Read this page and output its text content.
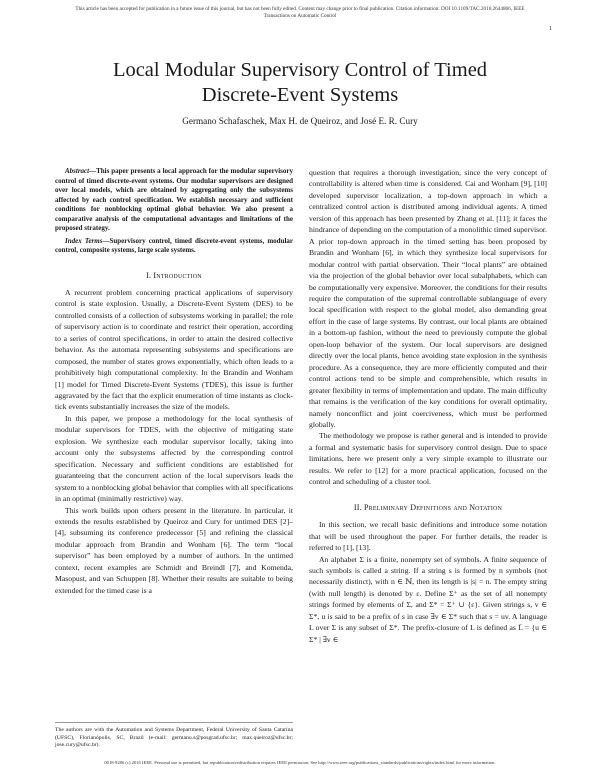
This article has been accepted for publication in a future issue of this journal, but has not been fully edited. Content may change prior to final publication. Citation information: DOI 10.1109/TAC.2016.2644866, IEEE
Transactions on Automatic Control
1
Local Modular Supervisory Control of Timed
Discrete-Event Systems
Germano Schafaschek, Max H. de Queiroz, and José E. R. Cury

Abstract—This paper presents a local approach for the modular supervisory control of timed discrete-event systems. Our modular supervisors are designed over local models, which are obtained by aggregating only the subsystems affected by each control specification. We establish necessary and sufficient conditions for nonblocking optimal global behavior. We also present a comparative analysis of the computational advantages and limitations of the proposed strategy.

Index Terms—Supervisory control, timed discrete-event systems, modular control, composite systems, large scale systems.

I. Introduction

A recurrent problem concerning practical applications of supervisory control is state explosion. Usually, a Discrete-Event System (DES) to be controlled consists of a collection of subsystems working in parallel; the role of supervisory action is to coordinate and restrict their operation, according to a series of control specifications, in order to attain the desired collective behavior. As the automata representing subsystems and specifications are composed, the number of states grows exponentially, which often leads to a prohibitively high computational complexity. In the Brandin and Wonham [1] model for Timed Discrete-Event Systems (TDES), this issue is further aggravated by the fact that the explicit enumeration of time instants as clock-tick events substantially increases the size of the models.

In this paper, we propose a methodology for the local synthesis of modular supervisors for TDES, with the objective of mitigating state explosion. We synthesize each modular supervisor locally, taking into account only the subsystems affected by the corresponding control specification. Necessary and sufficient conditions are established for guaranteeing that the concurrent action of the local supervisors leads the system to a nonblocking global behavior that complies with all specifications in an optimal (minimally restrictive) way.

This work builds upon others present in the literature. In particular, it extends the results established by Queiroz and Cury for untimed DES [2]–[4], subsuming its conference predecessor [5] and refining the classical modular approach from Brandin and Wonham [6]. The term “local supervisor” has been employed by a number of authors. In the untimed context, recent examples are Schmidt and Breindl [7], and Komenda, Masopust, and van Schuppen [8]. Whether their results are suitable to being extended for the timed case is a

The authors are with the Automation and Systems Department, Federal University of Santa Catarina (UFSC), Florianópolis, SC, Brazil (e-mail: germano.s@posgrad.ufsc.br; max.queiroz@ufsc.br; jose.cury@ufsc.br).

question that requires a thorough investigation, since the very concept of controllability is altered when time is considered. Cai and Wonham [9], [10] developed supervisor localization, a top-down approach in which a centralized control action is distributed among individual agents. A timed version of this approach has been presented by Zhang et al. [11]; it faces the hindrance of depending on the computation of a monolithic timed supervisor. A prior top-down approach in the timed setting has been proposed by Brandin and Wonham [6], in which they synthesize local supervisors for modular control with partial observation. Their “local plants” are obtained via the projection of the global behavior over local subalphabets, which can be computationally very expensive. Moreover, the conditions for their results require the computation of the supremal controllable sublanguage of every local specification with respect to the global model, also demanding great effort in the case of large systems. By contrast, our local plants are obtained in a bottom-up fashion, without the need to previously compute the global open-loop behavior of the system. Our local supervisors are designed directly over the local plants, hence avoiding state explosion in the synthesis procedure. As a consequence, they are more efficiently computed and their control actions tend to be simple and comprehensible, which results in greater flexibility in terms of implementation and update. The main difficulty that remains is the verification of the key conditions for overall optimality, namely nonconflict and joint coerciveness, which must be performed globally.

The methodology we propose is rather general and is intended to provide a formal and systematic basis for supervisory control design. Due to space limitations, here we present only a very simple example to illustrate our results. We refer to [12] for a more practical application, focused on the control and scheduling of a cluster tool.

II. Preliminary Definitions and Notation

In this section, we recall basic definitions and introduce some notation that will be used throughout the paper. For further details, the reader is referred to [1], [13].

An alphabet Σ is a finite, nonempty set of symbols. A finite sequence of such symbols is called a string. If a string s is formed by n symbols (not necessarily distinct), with n ∈ ℕ, then its length is |s| = n. The empty string (with null length) is denoted by ε. Define Σ⁺ as the set of all nonempty strings formed by elements of Σ, and Σ* = Σ⁺ ∪ {ε}. Given strings s, v ∈ Σ*, u is said to be a prefix of s in case ∃v ∈ Σ* such that s = uv. A language L over Σ is any subset of Σ*. The prefix-closure of L is defined as L̄ = {u ∈ Σ* | ∃v ∈

0018-9286 (c) 2016 IEEE. Personal use is permitted, but republication/redistribution requires IEEE permission. See http://www.ieee.org/publications_standards/publications/rights/index.html for more information.
